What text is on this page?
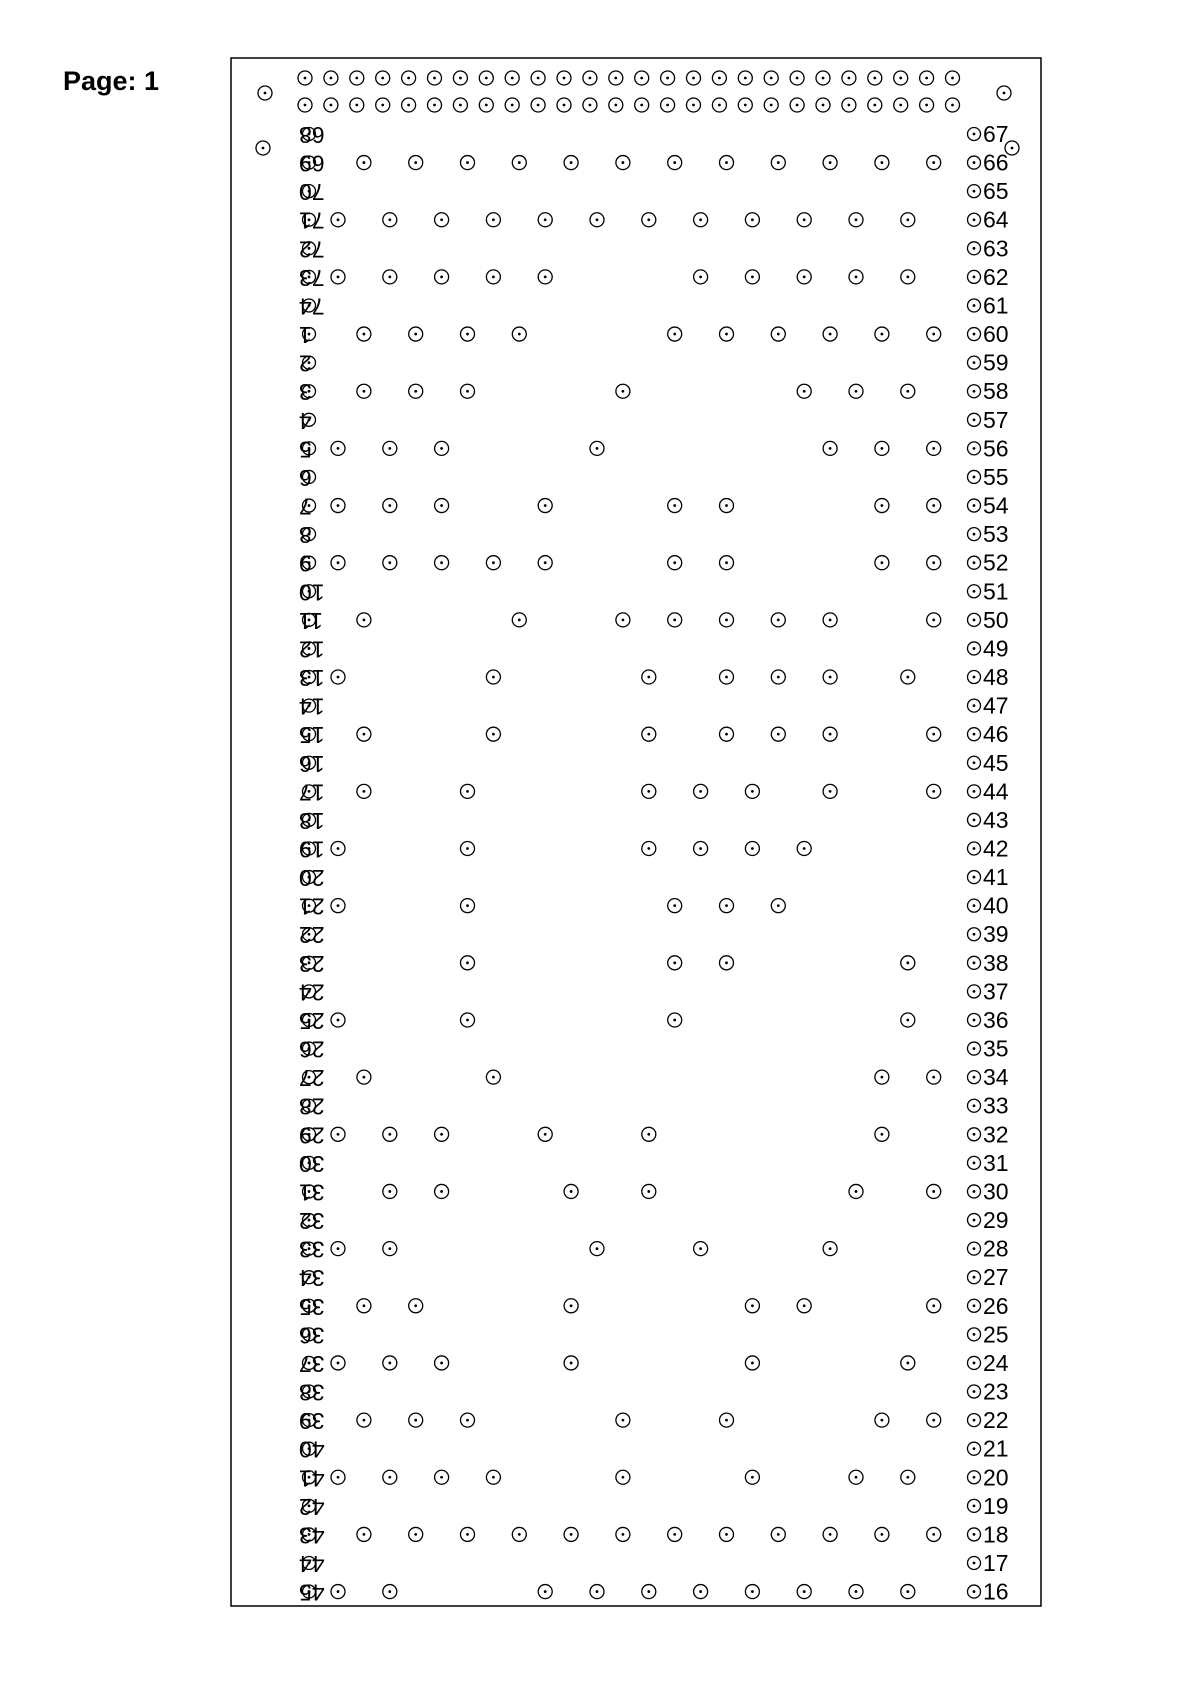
Page: 1
68
69
70
71
72
73
74
1
2
3
4
5
6
7
8
9
10
11
12
13
14
15
16
17
18
19
20
21
22
23
24
25
26
27
28
29
30
31
32
33
34
35
36
37
38
39
40
41
42
43
44
45
67
66
65
64
63
62
61
60
59
58
57
56
55
54
53
52
51
50
49
48
47
46
45
44
43
42
41
40
39
38
37
36
35
34
33
32
31
30
29
28
27
26
25
24
23
22
21
20
19
18
17
16
